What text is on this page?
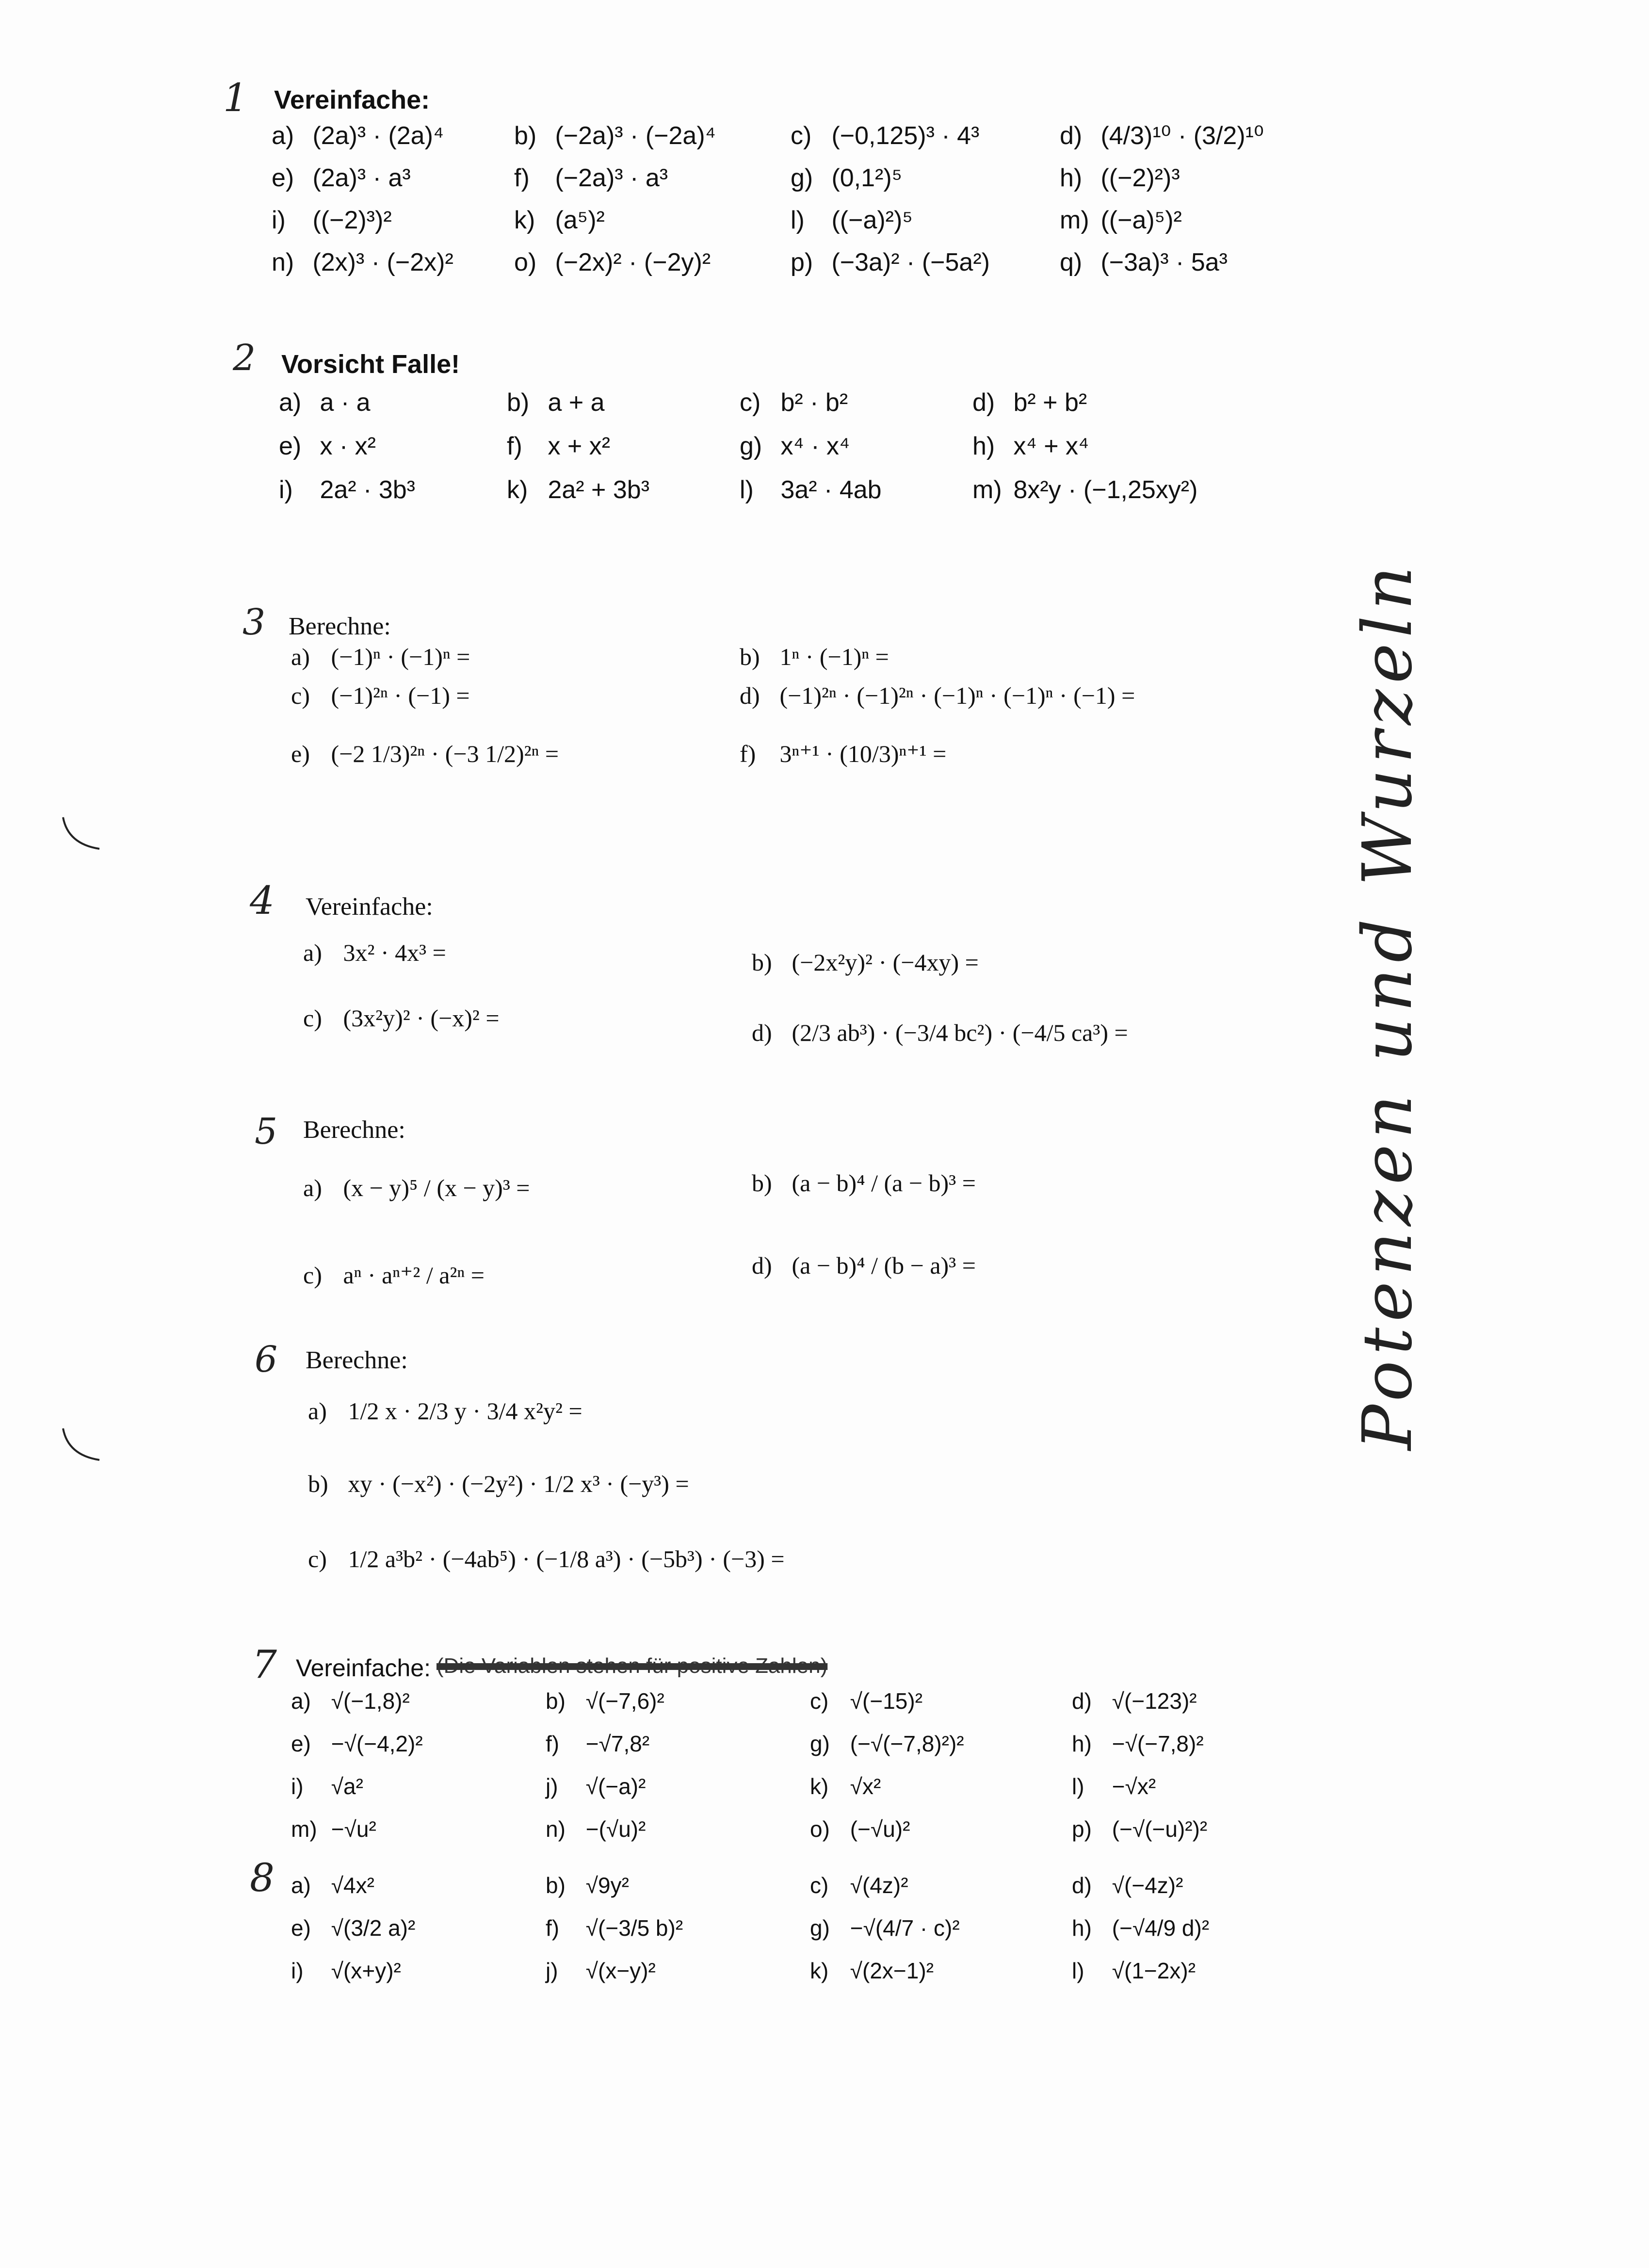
1 Vereinfache:
2 Vorsicht Falle!
3 Berechne:
4 Vereinfache:
5 Berechne:
6 Berechne:
7 Vereinfache: (Die Variablen stehen für positive Zahlen)
8
Potenzen und Wurzeln
a) (2a)³ · (2a)⁴	b) (−2a)³ · (−2a)⁴	c) (−0,125)³ · 4³	d) (4/3)¹⁰ · (3/2)¹⁰
e) (2a)³ · a³	f) (−2a)³ · a³	g) (0,1²)⁵	h) ((−2)²)³
i) ((−2)³)²	k) (a⁵)²	l) ((−a)²)⁵	m) ((−a)⁵)²
n) (2x)³ · (−2x)² o) (−2x)² · (−2y)²	p) (−3a)² · (−5a²)	q) (−3a)³ · 5a³
a) a · a	b) a + a	c) b² · b²	d) b² + b²
e) x · x²	f) x + x²	g) x⁴ · x⁴	h) x⁴ + x⁴
i) 2a² · 3b³	k) 2a² + 3b³	l) 3a² · 4ab	m) 8x²y · (−1,25xy²)
a) (−1)ⁿ · (−1)ⁿ =	b) 1ⁿ · (−1)ⁿ =
c) (−1)²ⁿ · (−1) =	d) (−1)²ⁿ · (−1)²ⁿ · (−1)ⁿ · (−1)ⁿ · (−1) =
e) (−2 1/3)²ⁿ · (−3 1/2)²ⁿ =	f) 3ⁿ⁺¹ · (10/3)ⁿ⁺¹ =
a) 3x² · 4x³ =	b) (−2x²y)² · (−4xy) =
c) (3x²y)² · (−x)² =
d) (2/3 ab³) · (−3/4 bc²) · (−4/5 ca³) =
a) (x − y)⁵ / (x − y)³ =	b) (a − b)⁴ / (a − b)³ =
c) aⁿ · aⁿ⁺² / a²ⁿ =	d) (a − b)⁴ / (b − a)³ =
a) 1/2 x · 2/3 y · 3/4 x²y² =
b) xy · (−x²) · (−2y²) · 1/2 x³ · (−y³) =
c) 1/2 a³b² · (−4ab⁵) · (−1/8 a³) · (−5b³) · (−3) =
a) √(−1,8)²	b) √(−7,6)²	c) √(−15)²	d) √(−123)²
e) −√(−4,2)²	f) −√7,8²	g) (−√(−7,8)²)²	h) −√(−7,8)²
i) √a²	j) √(−a)²	k) √x²	l) −√x²
m) −√u²	n) −(√u)²	o) (−√u)²	p) (−√(−u)²)²
a) √4x²	b) √9y²	c) √(4z)²	d) √(−4z)²
e) √(3/2 a)²	f) √(−3/5 b)²	g) −√(4/7 · c)²	h) (−√4/9 d)²
i) √(x+y)²	j) √(x−y)²	k) √(2x−1)²	l) √(1−2x)²
